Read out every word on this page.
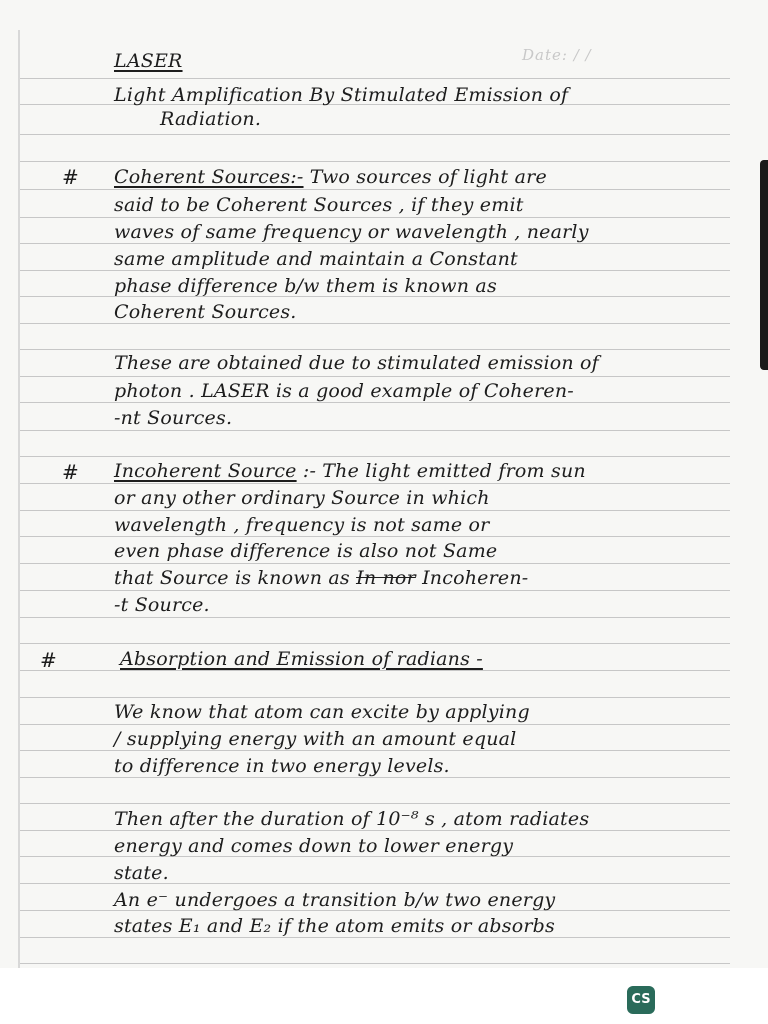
Date: / /
LASER
Light Amplification By Stimulated Emission of
Radiation.
# Coherent Sources:- Two sources of light are
said to be Coherent Sources , if they emit
waves of same frequency or wavelength , nearly
same amplitude and maintain a Constant
phase difference b/w them is known as
Coherent Sources.
These are obtained due to stimulated emission of
photon . LASER is a good example of Coheren-
-nt Sources.
# Incoherent Source :- The light emitted from sun
or any other ordinary Source in which
wavelength , frequency is not same or
even phase difference is also not Same
that Source is known as In nor Incoheren-
-t Source.
#	Absorption and Emission of radians -
We know that atom can excite by applying
/ supplying energy with an amount equal
to difference in two energy levels.
Then after the duration of 10⁻⁸ s , atom radiates
energy and comes down to lower energy
state.
An e⁻ undergoes a transition b/w two energy
states E₁ and E₂ if the atom emits or absorbs
CS
